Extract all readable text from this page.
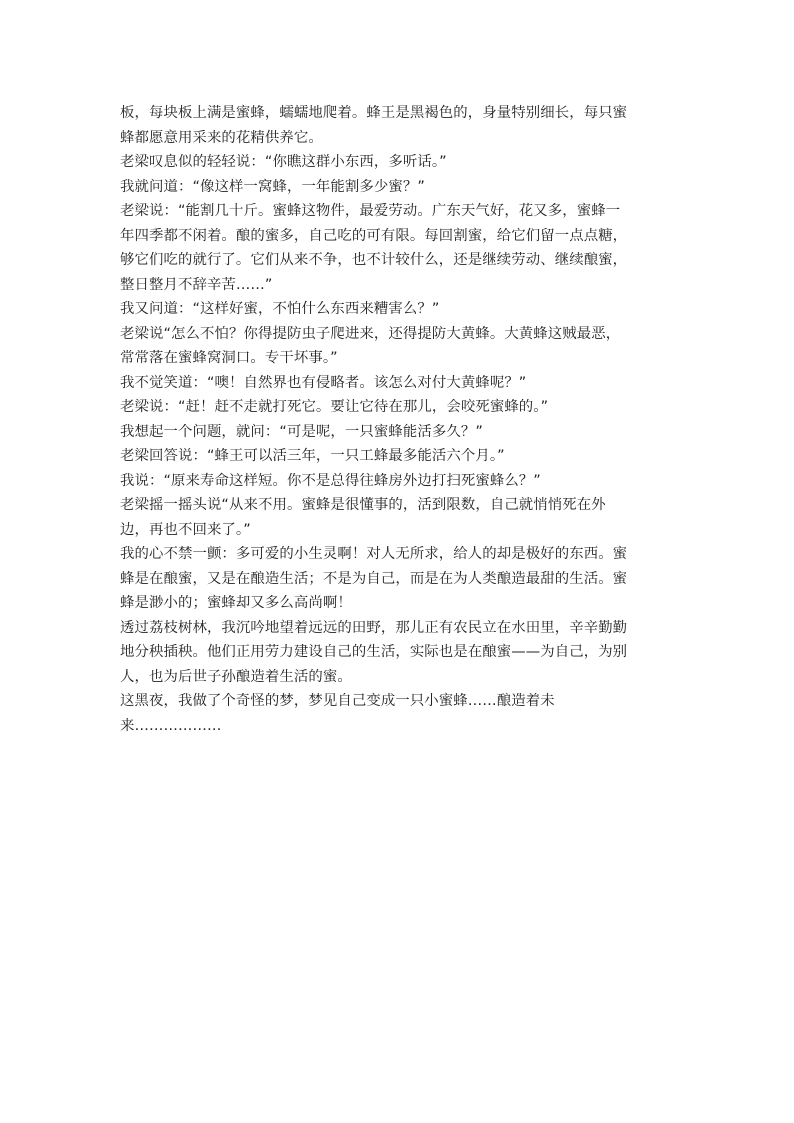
板，每块板上满是蜜蜂，蠕蠕地爬着。蜂王是黑褐色的，身量特别细长，每只蜜
蜂都愿意用采来的花精供养它。
老梁叹息似的轻轻说：“你瞧这群小东西，多听话。”
我就问道：“像这样一窝蜂，一年能割多少蜜？”
老梁说：“能割几十斤。蜜蜂这物件，最爱劳动。广东天气好，花又多，蜜蜂一
年四季都不闲着。酿的蜜多，自己吃的可有限。每回割蜜，给它们留一点点糖，
够它们吃的就行了。它们从来不争，也不计较什么，还是继续劳动、继续酿蜜，
整日整月不辞辛苦……”
我又问道：“这样好蜜，不怕什么东西来糟害么？”
老梁说“怎么不怕？你得提防虫子爬进来，还得提防大黄蜂。大黄蜂这贼最恶，
常常落在蜜蜂窝洞口。专干坏事。”
我不觉笑道：“噢！自然界也有侵略者。该怎么对付大黄蜂呢？”
老梁说：“赶！赶不走就打死它。要让它待在那儿，会咬死蜜蜂的。”
我想起一个问题，就问：“可是呢，一只蜜蜂能活多久？”
老梁回答说：“蜂王可以活三年，一只工蜂最多能活六个月。”
我说：“原来寿命这样短。你不是总得往蜂房外边打扫死蜜蜂么？”
老梁摇一摇头说“从来不用。蜜蜂是很懂事的，活到限数，自己就悄悄死在外
边，再也不回来了。”
我的心不禁一颤：多可爱的小生灵啊！对人无所求，给人的却是极好的东西。蜜
蜂是在酿蜜，又是在酿造生活；不是为自己，而是在为人类酿造最甜的生活。蜜
蜂是渺小的；蜜蜂却又多么高尚啊！
透过荔枝树林，我沉吟地望着远远的田野，那儿正有农民立在水田里，辛辛勤勤
地分秧插秧。他们正用劳力建设自己的生活，实际也是在酿蜜——为自己，为别
人，也为后世子孙酿造着生活的蜜。
这黑夜，我做了个奇怪的梦，梦见自己变成一只小蜜蜂……酿造着未
来………………
